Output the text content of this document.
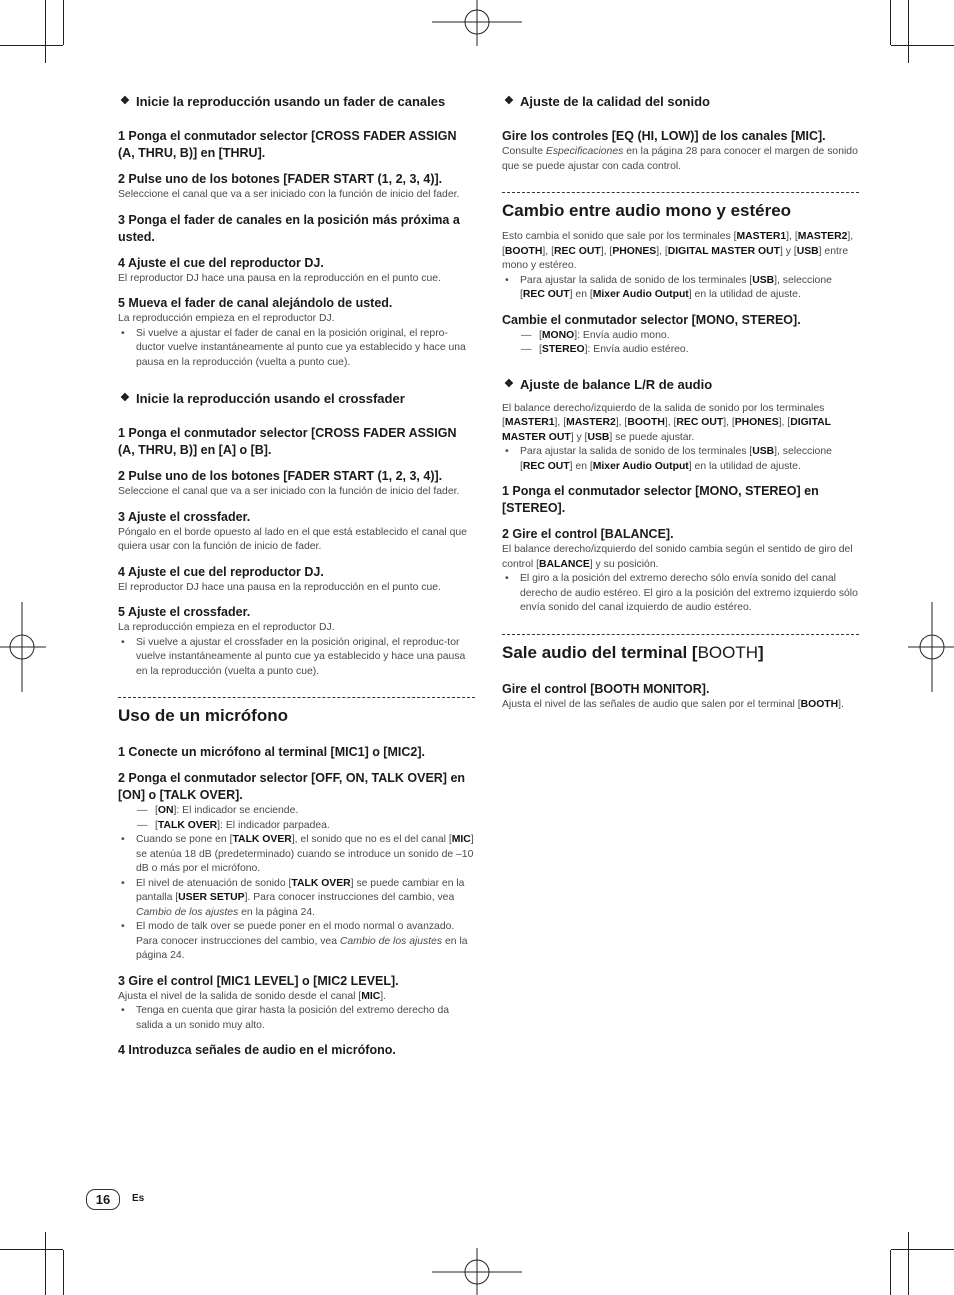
❖ Inicie la reproducción usando un fader de canales

1 Ponga el conmutador selector [CROSS FADER ASSIGN (A, THRU, B)] en [THRU].

2 Pulse uno de los botones [FADER START (1, 2, 3, 4)].

Seleccione el canal que va a ser iniciado con la función de inicio del fader.

3 Ponga el fader de canales en la posición más próxima a usted.

4 Ajuste el cue del reproductor DJ.

El reproductor DJ hace una pausa en la reproducción en el punto cue.

5 Mueva el fader de canal alejándolo de usted.

La reproducción empieza en el reproductor DJ.

• Si vuelve a ajustar el fader de canal en la posición original, el repro-ductor vuelve instantáneamente al punto cue ya establecido y hace una pausa en la reproducción (vuelta a punto cue).

❖ Inicie la reproducción usando el crossfader

1 Ponga el conmutador selector [CROSS FADER ASSIGN (A, THRU, B)] en [A] o [B].

2 Pulse uno de los botones [FADER START (1, 2, 3, 4)].

Seleccione el canal que va a ser iniciado con la función de inicio del fader.

3 Ajuste el crossfader.

Póngalo en el borde opuesto al lado en el que está establecido el canal que quiera usar con la función de inicio de fader.

4 Ajuste el cue del reproductor DJ.

El reproductor DJ hace una pausa en la reproducción en el punto cue.

5 Ajuste el crossfader.

La reproducción empieza en el reproductor DJ.

• Si vuelve a ajustar el crossfader en la posición original, el reproduc-tor vuelve instantáneamente al punto cue ya establecido y hace una pausa en la reproducción (vuelta a punto cue).

Uso de un micrófono

1 Conecte un micrófono al terminal [MIC1] o [MIC2].

2 Ponga el conmutador selector [OFF, ON, TALK OVER] en [ON] o [TALK OVER].

— [ON]: El indicador se enciende.

— [TALK OVER]: El indicador parpadea.

• Cuando se pone en [TALK OVER], el sonido que no es el del canal [MIC] se atenúa 18 dB (predeterminado) cuando se introduce un sonido de –10 dB o más por el micrófono.

• El nivel de atenuación de sonido [TALK OVER] se puede cambiar en la pantalla [USER SETUP]. Para conocer instrucciones del cambio, vea Cambio de los ajustes en la página 24.

• El modo de talk over se puede poner en el modo normal o avanzado. Para conocer instrucciones del cambio, vea Cambio de los ajustes en la página 24.

3 Gire el control [MIC1 LEVEL] o [MIC2 LEVEL].

Ajusta el nivel de la salida de sonido desde el canal [MIC].

• Tenga en cuenta que girar hasta la posición del extremo derecho da salida a un sonido muy alto.

4 Introduzca señales de audio en el micrófono.

❖ Ajuste de la calidad del sonido

Gire los controles [EQ (HI, LOW)] de los canales [MIC].

Consulte Especificaciones en la página 28 para conocer el margen de sonido que se puede ajustar con cada control.

Cambio entre audio mono y estéreo

Esto cambia el sonido que sale por los terminales [MASTER1], [MASTER2], [BOOTH], [REC OUT], [PHONES], [DIGITAL MASTER OUT] y [USB] entre mono y estéreo.

• Para ajustar la salida de sonido de los terminales [USB], seleccione [REC OUT] en [Mixer Audio Output] en la utilidad de ajuste.

Cambie el conmutador selector [MONO, STEREO].

— [MONO]: Envía audio mono.

— [STEREO]: Envía audio estéreo.

❖ Ajuste de balance L/R de audio

El balance derecho/izquierdo de la salida de sonido por los terminales [MASTER1], [MASTER2], [BOOTH], [REC OUT], [PHONES], [DIGITAL MASTER OUT] y [USB] se puede ajustar.

• Para ajustar la salida de sonido de los terminales [USB], seleccione [REC OUT] en [Mixer Audio Output] en la utilidad de ajuste.

1 Ponga el conmutador selector [MONO, STEREO] en [STEREO].

2 Gire el control [BALANCE].

El balance derecho/izquierdo del sonido cambia según el sentido de giro del control [BALANCE] y su posición.

• El giro a la posición del extremo derecho sólo envía sonido del canal derecho de audio estéreo. El giro a la posición del extremo izquierdo sólo envía sonido del canal izquierdo de audio estéreo.

Sale audio del terminal [BOOTH]

Gire el control [BOOTH MONITOR].

Ajusta el nivel de las señales de audio que salen por el terminal [BOOTH].

16	Es
